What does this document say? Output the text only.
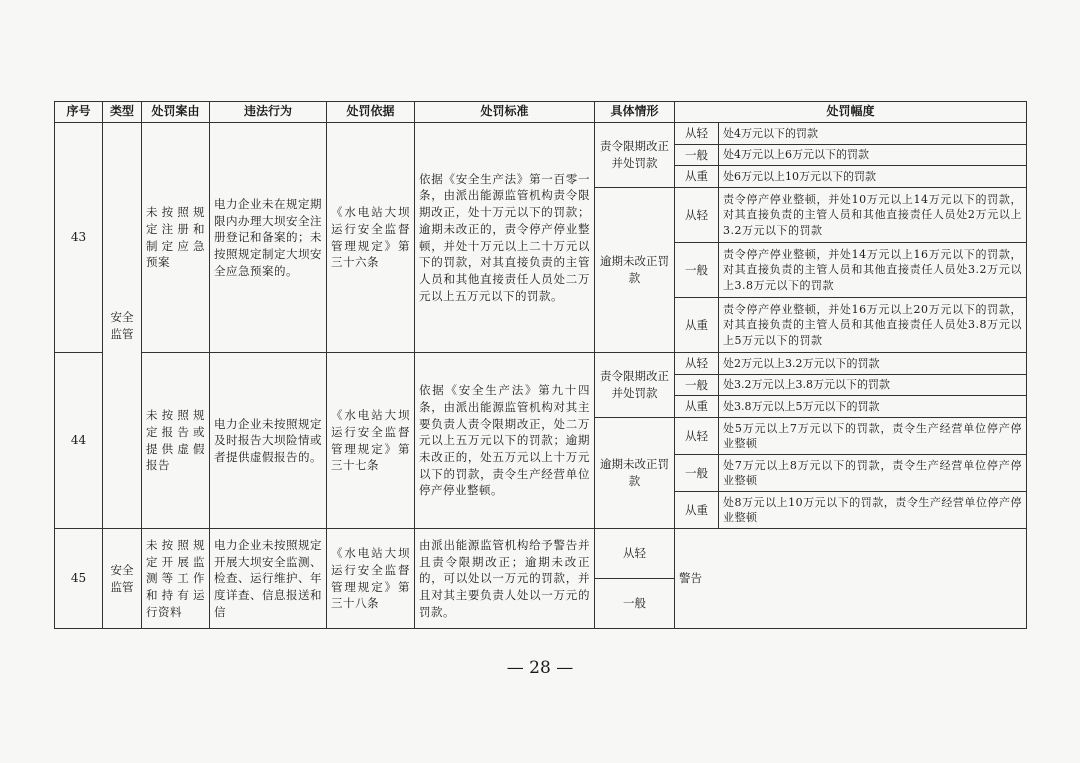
序号	类型	处罚案由	违法行为	处罚依据	处罚标准	具体情形	处罚幅度	
43	安全监管	未按照规定注册和制定应急预案	电力企业未在规定期限内办理大坝安全注册登记和备案的；未按照规定制定大坝安全应急预案的。	《水电站大坝运行安全监督管理规定》第三十六条	依据《安全生产法》第一百零一条，由派出能源监管机构责令限期改正，处十万元以下的罚款；逾期未改正的，责令停产停业整顿，并处十万元以上二十万元以下的罚款，对其直接负责的主管人员和其他直接责任人员处二万元以上五万元以下的罚款。	责令限期改正并处罚款	从轻	处4万元以下的罚款
							一般	处4万元以上6万元以下的罚款
							从重	处6万元以上10万元以下的罚款
						逾期未改正罚款	从轻	责令停产停业整顿，并处10万元以上14万元以下的罚款，对其直接负责的主管人员和其他直接责任人员处2万元以上3.2万元以下的罚款
							一般	责令停产停业整顿，并处14万元以上16万元以下的罚款，对其直接负责的主管人员和其他直接责任人员处3.2万元以上3.8万元以下的罚款
							从重	责令停产停业整顿，并处16万元以上20万元以下的罚款，对其直接负责的主管人员和其他直接责任人员处3.8万元以上5万元以下的罚款
44		未按照规定报告或提供虚假报告	电力企业未按照规定及时报告大坝险情或者提供虚假报告的。	《水电站大坝运行安全监督管理规定》第三十七条	依据《安全生产法》第九十四条，由派出能源监管机构对其主要负责人责令限期改正，处二万元以上五万元以下的罚款；逾期未改正的，处五万元以上十万元以下的罚款，责令生产经营单位停产停业整顿。	责令限期改正并处罚款	从轻	处2万元以上3.2万元以下的罚款
							一般	处3.2万元以上3.8万元以下的罚款
							从重	处3.8万元以上5万元以下的罚款
						逾期未改正罚款	从轻	处5万元以上7万元以下的罚款，责令生产经营单位停产停业整顿
							一般	处7万元以上8万元以下的罚款，责令生产经营单位停产停业整顿
							从重	处8万元以上10万元以下的罚款，责令生产经营单位停产停业整顿
45	安全监管	未按照规定开展监测等工作和持有运行资料	电力企业未按照规定开展大坝安全监测、检查、运行维护、年度详查、信息报送和信	《水电站大坝运行安全监督管理规定》第三十八条	由派出能源监管机构给予警告并且责令限期改正；逾期未改正的，可以处以一万元的罚款，并且对其主要负责人处以一万元的罚款。	从轻	警告	
						一般		
— 28 —
